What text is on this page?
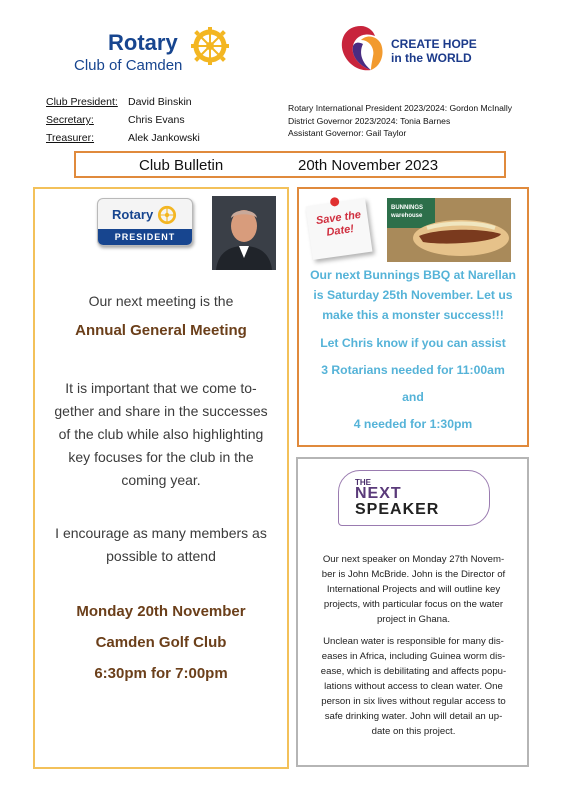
Rotary
Club of Camden
CREATE HOPE
in the WORLD
Club President: David Binskin
Secretary:	Chris Evans
Treasurer:	Alek Jankowski
Rotary International President 2023/2024: Gordon McInally
District Governor 2023/2024: Tonia Barnes
Assistant Governor: Gail Taylor
Club Bulletin	20th November 2023
Rotary
PRESIDENT
Our next meeting is the
Annual General Meeting
It is important that we come to-
gether and share in the successes
of the club while also highlighting
key focuses for the club in the
coming year.
I encourage as many members as
possible to attend
Monday 20th November
Camden Golf Club
6:30pm for 7:00pm
Save the Date!
BUNNINGS warehouse
Our next Bunnings BBQ at Narellan
is Saturday 25th November. Let us
make this a monster success!!!
Let Chris know if you can assist
3 Rotarians needed for 11:00am
and
4 needed for 1:30pm
THE
NEXT
SPEAKER
Our next speaker on Monday 27th Novem-
ber is John McBride. John is the Director of
International Projects and will outline key
projects, with particular focus on the water
project in Ghana.
Unclean water is responsible for many dis-
eases in Africa, including Guinea worm dis-
ease, which is debilitating and affects popu-
lations without access to clean water. One
person in six lives without regular access to
safe drinking water. John will detail an up-
date on this project.
